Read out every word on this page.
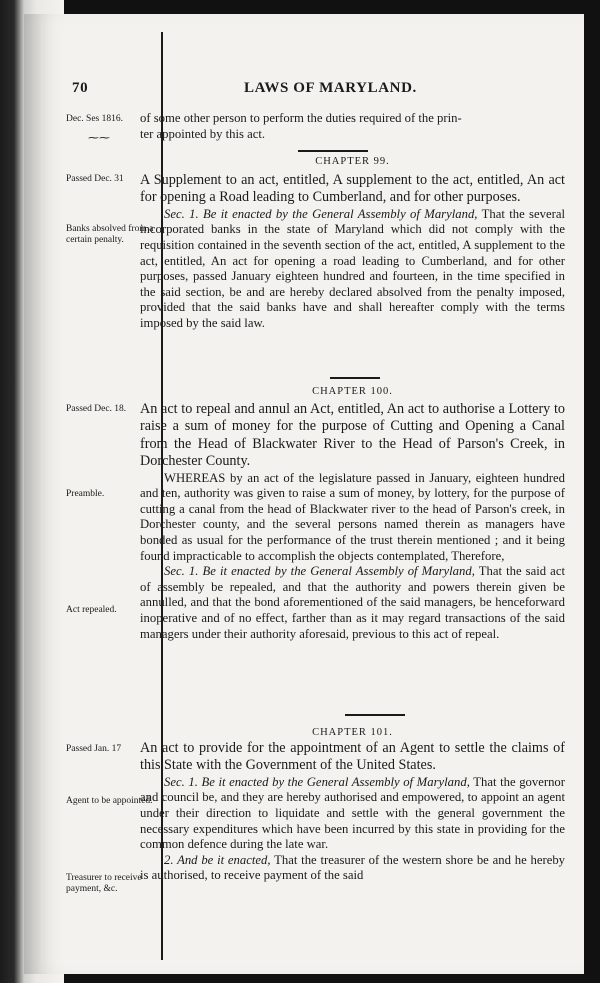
70	LAWS OF MARYLAND.
Dec. Ses 1816.
⁓⁓

of some other person to perform the duties required of the prin-

ter appointed by this act.

CHAPTER 99.
Passed Dec. 31	A Supplement to an act, entitled, A supplement to the act, entitled, An act for opening a Road leading to Cumberland, and for other purposes.

Sec. 1. Be it enacted by the General Assembly of Maryland, That the several incorporated banks in the state of Maryland which did not comply with the requisition contained in the seventh section of the act, entitled, A supplement to the act, entitled, An act for opening a road leading to Cumberland, and for other purposes, passed January eighteen hundred and fourteen, in the time specified in the said section, be and are hereby declared absolved from the penalty imposed, provided that the said banks have and shall hereafter comply with the terms imposed by the said law.

Banks absolved from a certain penalty.
CHAPTER 100.
Passed Dec. 18. An act to repeal and annul an Act, entitled, An act to authorise a Lottery to raise a sum of money for the purpose of Cutting and Opening a Canal from the Head of Blackwater River to the Head of Parson's Creek, in Dorchester County.

WHEREAS by an act of the legislature passed in January, eighteen hundred and ten, authority was given to raise a sum of money, by lottery, for the purpose of cutting a canal from the head of Blackwater river to the head of Parson's creek, in Dorchester county, and the several persons named therein as managers have bonded as usual for the performance of the trust therein mentioned ; and it being found impracticable to accomplish the objects contemplated, Therefore,

Sec. 1. Be it enacted by the General Assembly of Maryland, That the said act of assembly be repealed, and that the authority and powers therein given be annulled, and that the bond aforementioned of the said managers, be henceforward inoperative and of no effect, farther than as it may regard transactions of the said managers under their authority aforesaid, previous to this act of repeal.

Preamble.
Act repealed.
CHAPTER 101.
Passed Jan. 17	An act to provide for the appointment of an Agent to settle the claims of this State with the Government of the United States.

Sec. 1. Be it enacted by the General Assembly of Maryland, That the governor and council be, and they are hereby authorised and empowered, to appoint an agent under their direction to liquidate and settle with the general government the necessary expenditures which have been incurred by this state in providing for the common defence during the late war.

2. And be it enacted, That the treasurer of the western shore be and he hereby is authorised, to receive payment of the said

Agent to be appointed.
Treasurer to receive payment, &c.
